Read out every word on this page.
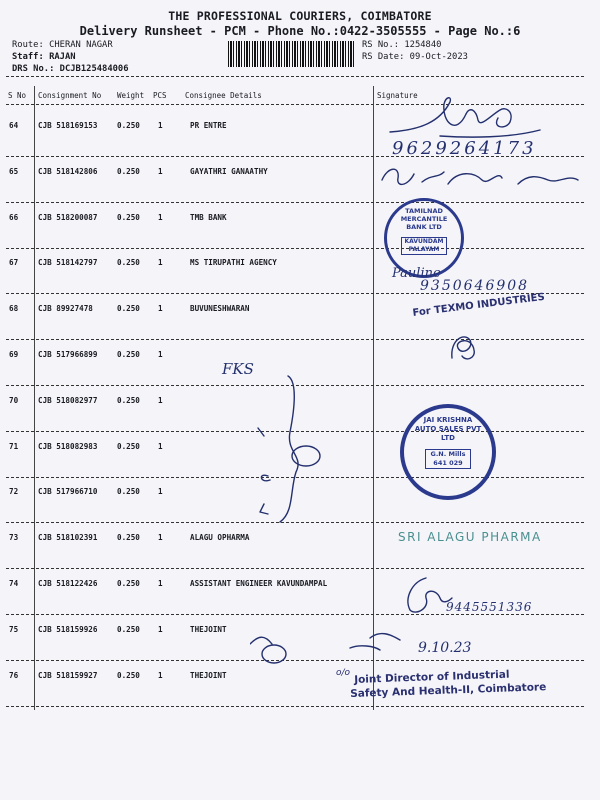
THE PROFESSIONAL COURIERS, COIMBATORE
Delivery Runsheet - PCM - Phone No.:0422-3505555 - Page No.:6
Route: CHERAN NAGAR
Staff: RAJAN
DRS No.: DCJB125484006
RS No.: 1254840
RS Date: 09-Oct-2023
S No Consignment No Weight PCS Consignee Details	Signature
64	CJB 518169153	0.250 1	PR ENTRE
65	CJB 518142806	0.250 1	GAYATHRI GANAATHY
66	CJB 518200087	0.250 1	TMB BANK
67	CJB 518142797	0.250 1	MS TIRUPATHI AGENCY
68	CJB 89927478	0.250 1	BUVUNESHWARAN
69	CJB 517966899	0.250 1
70	CJB 518082977	0.250 1
71	CJB 518082983	0.250 1
72	CJB 517966710	0.250 1
73	CJB 518102391	0.250 1	ALAGU OPHARMA
74	CJB 518122426	0.250 1	ASSISTANT ENGINEER KAVUNDAMPAL
75	CJB 518159926	0.250 1	THEJOINT
76	CJB 518159927	0.250 1	THEJOINT
9629264173
TAMILNAD MERCANTILE BANK LTD
KAVUNDAM PALAYAM
Pauline
9350646908
For TEXMO INDUSTRIES
FKS
JAI KRISHNA AUTO SALES PVT LTD
G.N. Mills 641 029
SRI ALAGU PHARMA
9445551336
9.10.23
o/o Joint Director of Industrial
Safety And Health-II, Coimbatore
